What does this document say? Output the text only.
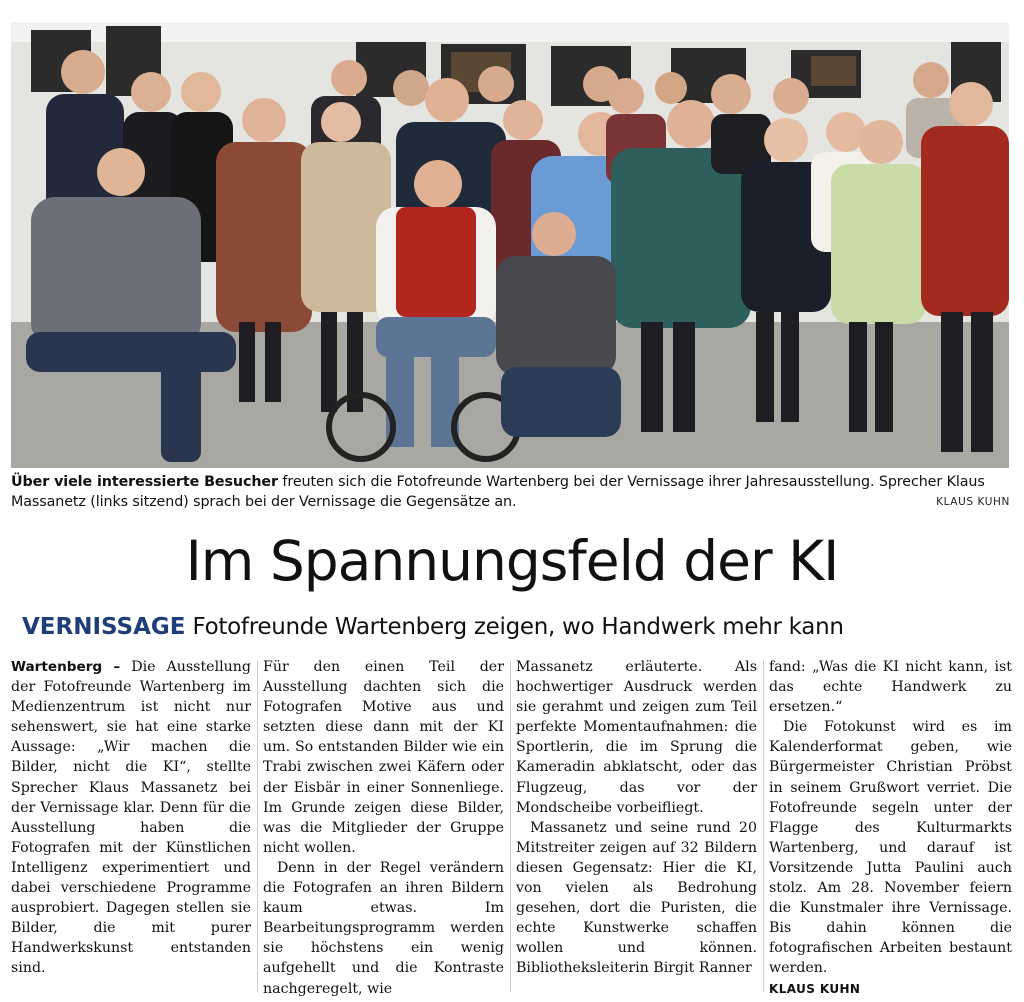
Über viele interessierte Besucher freuten sich die Fotofreunde Wartenberg bei der Vernissage ihrer Jahresausstellung. Sprecher Klaus Massanetz (links sitzend) sprach bei der Vernissage die Gegensätze an.	KLAUS KUHN
Im Spannungsfeld der KI
VERNISSAGE Fotofreunde Wartenberg zeigen, wo Handwerk mehr kann

Wartenberg – Die Ausstellung der Fotofreunde Wartenberg im Medienzentrum ist nicht nur sehenswert, sie hat eine starke Aussage: „Wir machen die Bilder, nicht die KI“, stellte Sprecher Klaus Massanetz bei der Vernissage klar. Denn für die Ausstellung haben die Fotografen mit der Künstlichen Intelligenz experimentiert und dabei verschiedene Programme ausprobiert. Dagegen stellen sie Bilder, die mit purer Handwerkskunst entstanden sind.

Für den einen Teil der Ausstellung dachten sich die Fotografen Motive aus und setzten diese dann mit der KI um. So entstanden Bilder wie ein Trabi zwischen zwei Käfern oder der Eisbär in einer Sonnenliege. Im Grunde zeigen diese Bilder, was die Mitglieder der Gruppe nicht wollen.

Denn in der Regel verändern die Fotografen an ihren Bildern kaum etwas. Im Bearbeitungsprogramm werden sie höchstens ein wenig aufgehellt und die Kontraste nachgeregelt, wie

Massanetz erläuterte. Als hochwertiger Ausdruck werden sie gerahmt und zeigen zum Teil perfekte Momentaufnahmen: die Sportlerin, die im Sprung die Kameradin abklatscht, oder das Flugzeug, das vor der Mondscheibe vorbeifliegt.

Massanetz und seine rund 20 Mitstreiter zeigen auf 32 Bildern diesen Gegensatz: Hier die KI, von vielen als Bedrohung gesehen, dort die Puristen, die echte Kunstwerke schaffen wollen und können. Bibliotheksleiterin Birgit Ranner

fand: „Was die KI nicht kann, ist das echte Handwerk zu ersetzen.“

Die Fotokunst wird es im Kalenderformat geben, wie Bürgermeister Christian Pröbst in seinem Grußwort verriet. Die Fotofreunde segeln unter der Flagge des Kulturmarkts Wartenberg, und darauf ist Vorsitzende Jutta Paulini auch stolz. Am 28. November feiern die Kunstmaler ihre Vernissage. Bis dahin können die fotografischen Arbeiten bestaunt werden.

KLAUS KUHN
